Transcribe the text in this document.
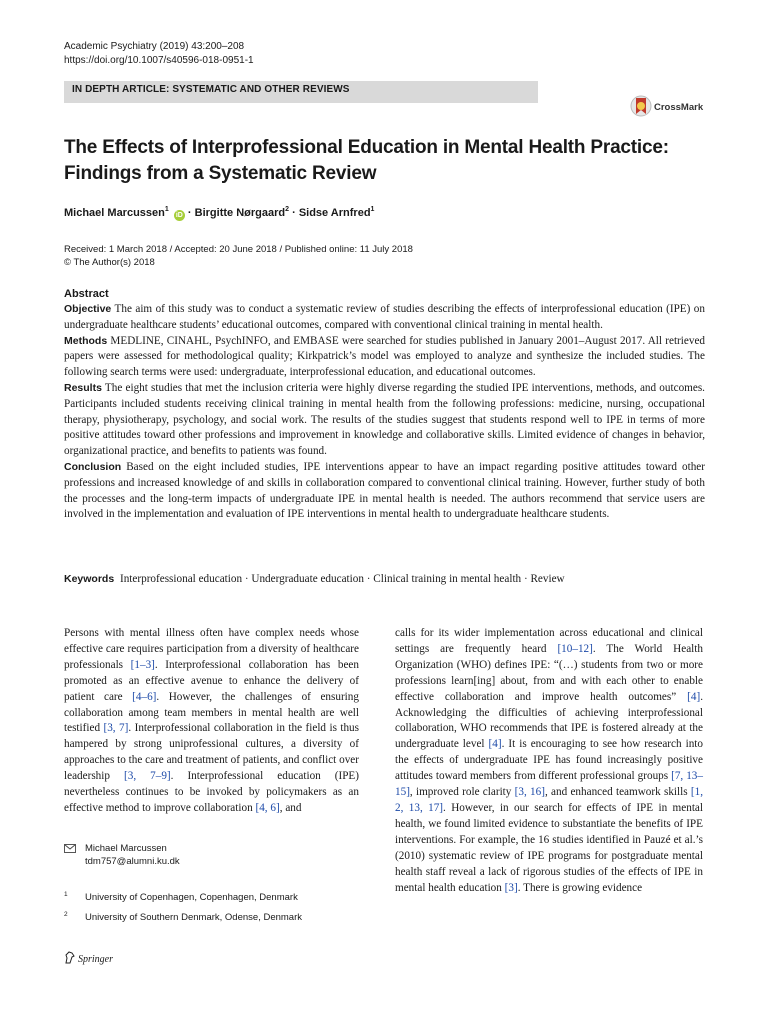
Academic Psychiatry (2019) 43:200–208
https://doi.org/10.1007/s40596-018-0951-1
IN DEPTH ARTICLE: SYSTEMATIC AND OTHER REVIEWS
CrossMark
The Effects of Interprofessional Education in Mental Health Practice:
Findings from a Systematic Review
Michael Marcussen$^1$ iD · Birgitte Nørgaard$^2$ · Sidse Arnfred$^1$
Received: 1 March 2018 / Accepted: 20 June 2018 / Published online: 11 July 2018
© The Author(s) 2018
Abstract

Objective The aim of this study was to conduct a systematic review of studies describing the effects of interprofessional education (IPE) on undergraduate healthcare students’ educational outcomes, compared with conventional clinical training in mental health.

Methods MEDLINE, CINAHL, PsychINFO, and EMBASE were searched for studies published in January 2001–August 2017. All retrieved papers were assessed for methodological quality; Kirkpatrick’s model was employed to analyze and synthesize the included studies. The following search terms were used: undergraduate, interprofessional education, and educational outcomes.

Results The eight studies that met the inclusion criteria were highly diverse regarding the studied IPE interventions, methods, and outcomes. Participants included students receiving clinical training in mental health from the following professions: medicine, nursing, occupational therapy, physiotherapy, psychology, and social work. The results of the studies suggest that students respond well to IPE in terms of more positive attitudes toward other professions and improvement in knowledge and collaborative skills. Limited evidence of changes in behavior, organizational practice, and benefits to patients was found.

Conclusion Based on the eight included studies, IPE interventions appear to have an impact regarding positive attitudes toward other professions and increased knowledge of and skills in collaboration compared to conventional clinical training. However, further study of both the processes and the long-term impacts of undergraduate IPE in mental health is needed. The authors recommend that service users are involved in the implementation and evaluation of IPE interventions in mental health to undergraduate healthcare students.

Keywords Interprofessional education · Undergraduate education · Clinical training in mental health · Review

Persons with mental illness often have complex needs whose effective care requires participation from a diversity of healthcare professionals [1–3]. Interprofessional collaboration has been promoted as an effective avenue to enhance the delivery of patient care [4–6]. However, the challenges of ensuring collaboration among team members in mental health are well testified [3, 7]. Interprofessional collaboration in the field is thus hampered by strong uniprofessional cultures, a diversity of approaches to the care and treatment of patients, and conflict over leadership [3, 7–9]. Interprofessional education (IPE) nevertheless continues to be invoked by policymakers as an effective method to improve collaboration [4, 6], and

calls for its wider implementation across educational and clinical settings are frequently heard [10–12]. The World Health Organization (WHO) defines IPE: “(…) students from two or more professions learn[ing] about, from and with each other to enable effective collaboration and improve health outcomes” [4]. Acknowledging the difficulties of achieving interprofessional collaboration, WHO recommends that IPE is fostered already at the undergraduate level [4]. It is encouraging to see how research into the effects of undergraduate IPE has found increasingly positive attitudes toward members from different professional groups [7, 13–15], improved role clarity [3, 16], and enhanced teamwork skills [1, 2, 13, 17]. However, in our search for effects of IPE in mental health, we found limited evidence to substantiate the benefits of IPE interventions. For example, the 16 studies identified in Pauzé et al.’s (2010) systematic review of IPE programs for postgraduate mental health staff reveal a lack of rigorous studies of the effects of IPE in mental health education [3]. There is growing evidence

Michael Marcussen
tdm757@alumni.ku.dk
1 University of Copenhagen, Copenhagen, Denmark
2 University of Southern Denmark, Odense, Denmark
Springer
